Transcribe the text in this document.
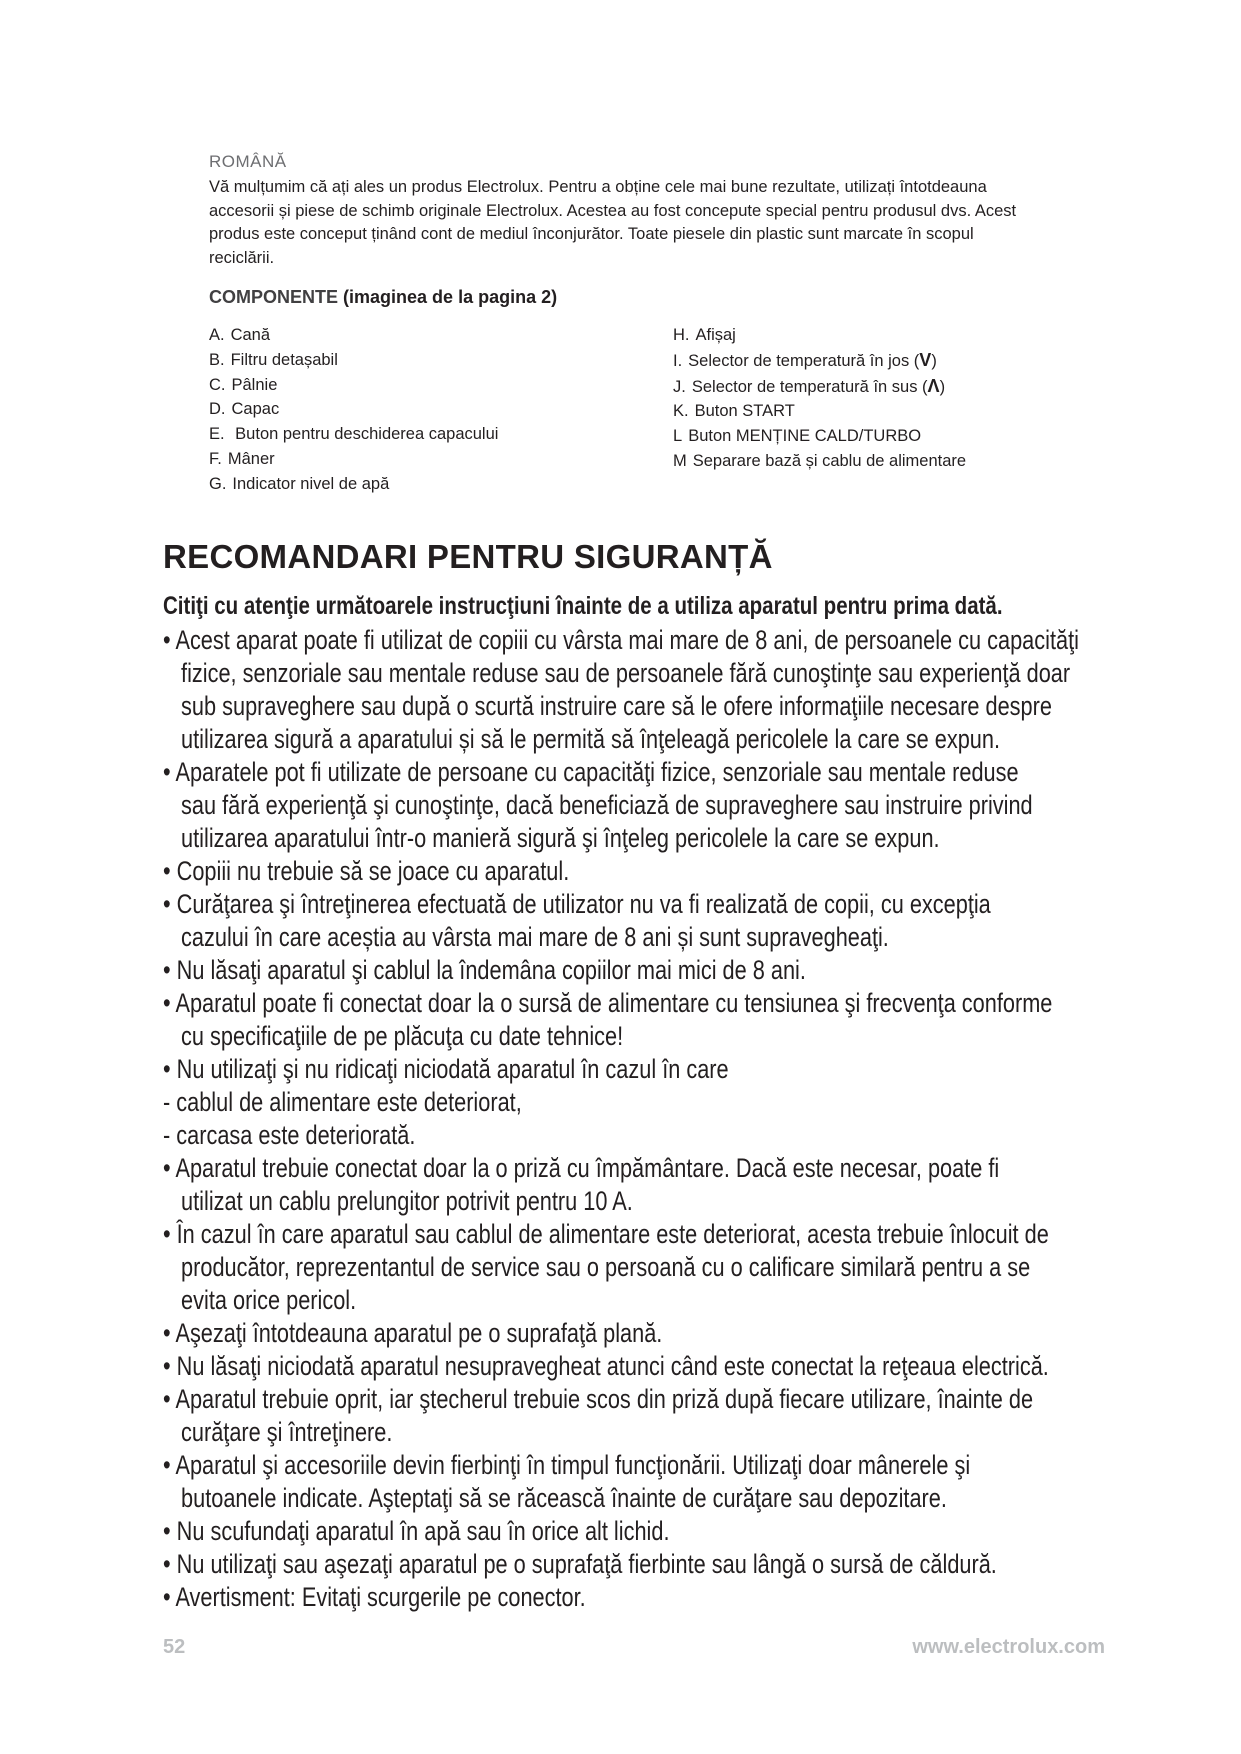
ROMÂNĂ
Vă mulțumim că ați ales un produs Electrolux. Pentru a obține cele mai bune rezultate, utilizați întotdeauna
accesorii și piese de schimb originale Electrolux. Acestea au fost concepute special pentru produsul dvs. Acest
produs este conceput ținând cont de mediul înconjurător. Toate piesele din plastic sunt marcate în scopul
reciclării.
COMPONENTE (imaginea de la pagina 2)
A. Cană
B. Filtru detașabil
C. Pâlnie
D. Capac
E. Buton pentru deschiderea capacului
F. Mâner
G. Indicator nivel de apă
H. Afișaj
I. Selector de temperatură în jos (V)
J. Selector de temperatură în sus (Λ)
K. Buton START
L Buton MENȚINE CALD/TURBO
M Separare bază și cablu de alimentare
RECOMANDARI PENTRU SIGURANȚĂ
Citiţi cu atenţie următoarele instrucţiuni înainte de a utiliza aparatul pentru prima dată.
• Acest aparat poate fi utilizat de copiii cu vârsta mai mare de 8 ani, de persoanele cu capacităţi
fizice, senzoriale sau mentale reduse sau de persoanele fără cunoştinţe sau experienţă doar
sub supraveghere sau după o scurtă instruire care să le ofere informaţiile necesare despre
utilizarea sigură a aparatului și să le permită să înţeleagă pericolele la care se expun.
• Aparatele pot fi utilizate de persoane cu capacităţi fizice, senzoriale sau mentale reduse
sau fără experienţă şi cunoştinţe, dacă beneficiază de supraveghere sau instruire privind
utilizarea aparatului într-o manieră sigură şi înţeleg pericolele la care se expun.
• Copiii nu trebuie să se joace cu aparatul.
• Curăţarea şi întreţinerea efectuată de utilizator nu va fi realizată de copii, cu excepţia
cazului în care aceștia au vârsta mai mare de 8 ani și sunt supravegheaţi.
• Nu lăsaţi aparatul şi cablul la îndemâna copiilor mai mici de 8 ani.
• Aparatul poate fi conectat doar la o sursă de alimentare cu tensiunea şi frecvenţa conforme
cu specificaţiile de pe plăcuţa cu date tehnice!
• Nu utilizaţi şi nu ridicaţi niciodată aparatul în cazul în care
- cablul de alimentare este deteriorat,
- carcasa este deteriorată.
• Aparatul trebuie conectat doar la o priză cu împământare. Dacă este necesar, poate fi
utilizat un cablu prelungitor potrivit pentru 10 A.
• În cazul în care aparatul sau cablul de alimentare este deteriorat, acesta trebuie înlocuit de
producător, reprezentantul de service sau o persoană cu o calificare similară pentru a se
evita orice pericol.
• Aşezaţi întotdeauna aparatul pe o suprafaţă plană.
• Nu lăsaţi niciodată aparatul nesupravegheat atunci când este conectat la reţeaua electrică.
• Aparatul trebuie oprit, iar ştecherul trebuie scos din priză după fiecare utilizare, înainte de
curăţare şi întreţinere.
• Aparatul şi accesoriile devin fierbinţi în timpul funcţionării. Utilizaţi doar mânerele şi
butoanele indicate. Aşteptaţi să se răcească înainte de curăţare sau depozitare.
• Nu scufundaţi aparatul în apă sau în orice alt lichid.
• Nu utilizaţi sau aşezaţi aparatul pe o suprafaţă fierbinte sau lângă o sursă de căldură.
• Avertisment: Evitaţi scurgerile pe conector.
52	www.electrolux.com
